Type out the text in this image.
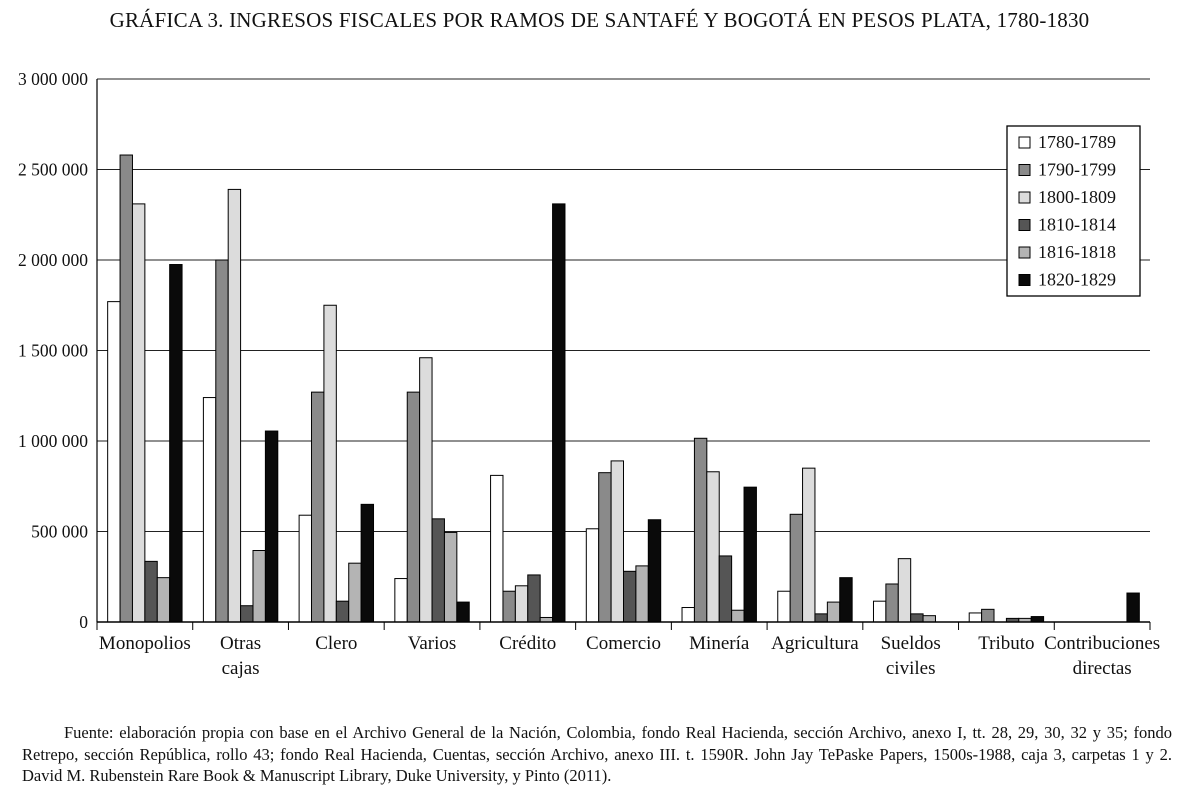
GRÁFICA 3. INGRESOS FISCALES POR RAMOS DE SANTAFÉ Y BOGOTÁ EN PESOS PLATA, 1780-1830
0
500 000
1 000 000
1 500 000
2 000 000
2 500 000
3 000 000
Monopolios Otras
cajas
Clero	Varios Crédito Comercio Minería Agricultura Sueldos
civiles
Tributo Contribuciones
directas
1780-1789
1790-1799
1800-1809
1810-1814
1816-1818
1820-1829
Fuente: elaboración propia con base en el Archivo General de la Nación, Colombia, fondo Real Hacienda, sección Archivo, anexo I, tt. 28, 29, 30, 32 y 35; fondo Retrepo, sección República, rollo 43; fondo Real Hacienda, Cuentas, sección Archivo, anexo III. t. 1590R. John Jay TePaske Papers, 1500s-1988, caja 3, carpetas 1 y 2. David M. Rubenstein Rare Book & Manuscript Library, Duke University, y Pinto (2011).
